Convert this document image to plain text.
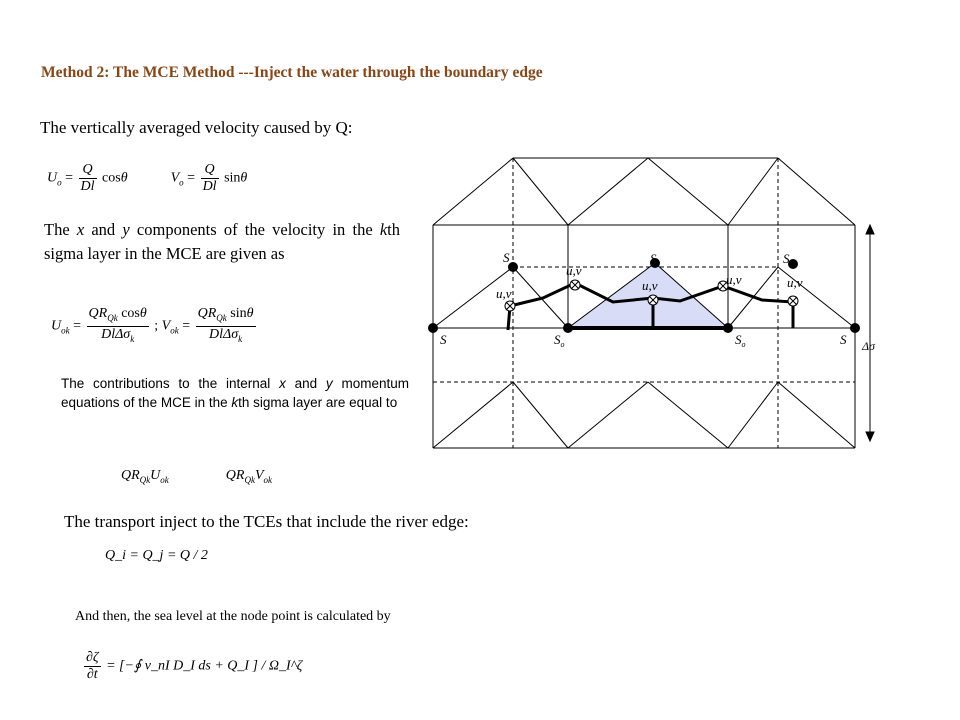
Method 2: The MCE Method ---Inject the water through the boundary edge
The vertically averaged velocity caused by Q:
$U_o = \frac{Q}{Dl}$ cosθ	$V_o = \frac{Q}{Dl}$ sinθ
The x and y components of the velocity in the kth sigma layer in the MCE are given as
$U_{ok} = \frac{QR_{Qk} \cos\theta}{Dl\Delta\sigma_k}$ ; $V_{ok} = \frac{QR_{Qk} \sin\theta}{Dl\Delta\sigma_k}$
The contributions to the internal x and y momentum equations of the MCE in the kth sigma layer are equal to
$QR_{Qk}U_{ok}$	$QR_{Qk}V_{ok}$
The transport inject to the TCEs that include the river edge:
Q_i = Q_j = Q / 2
And then, the sea level at the node point is calculated by
$\frac{\partial\zeta}{\partial t}$ = [−∮ v_nI D_I ds + Q_I ] / Ω_I^ζ
S	$S_o$	$S_o$	S
S	S	S
u,v
u,v
u,v	u,v	u,v
Δσ
